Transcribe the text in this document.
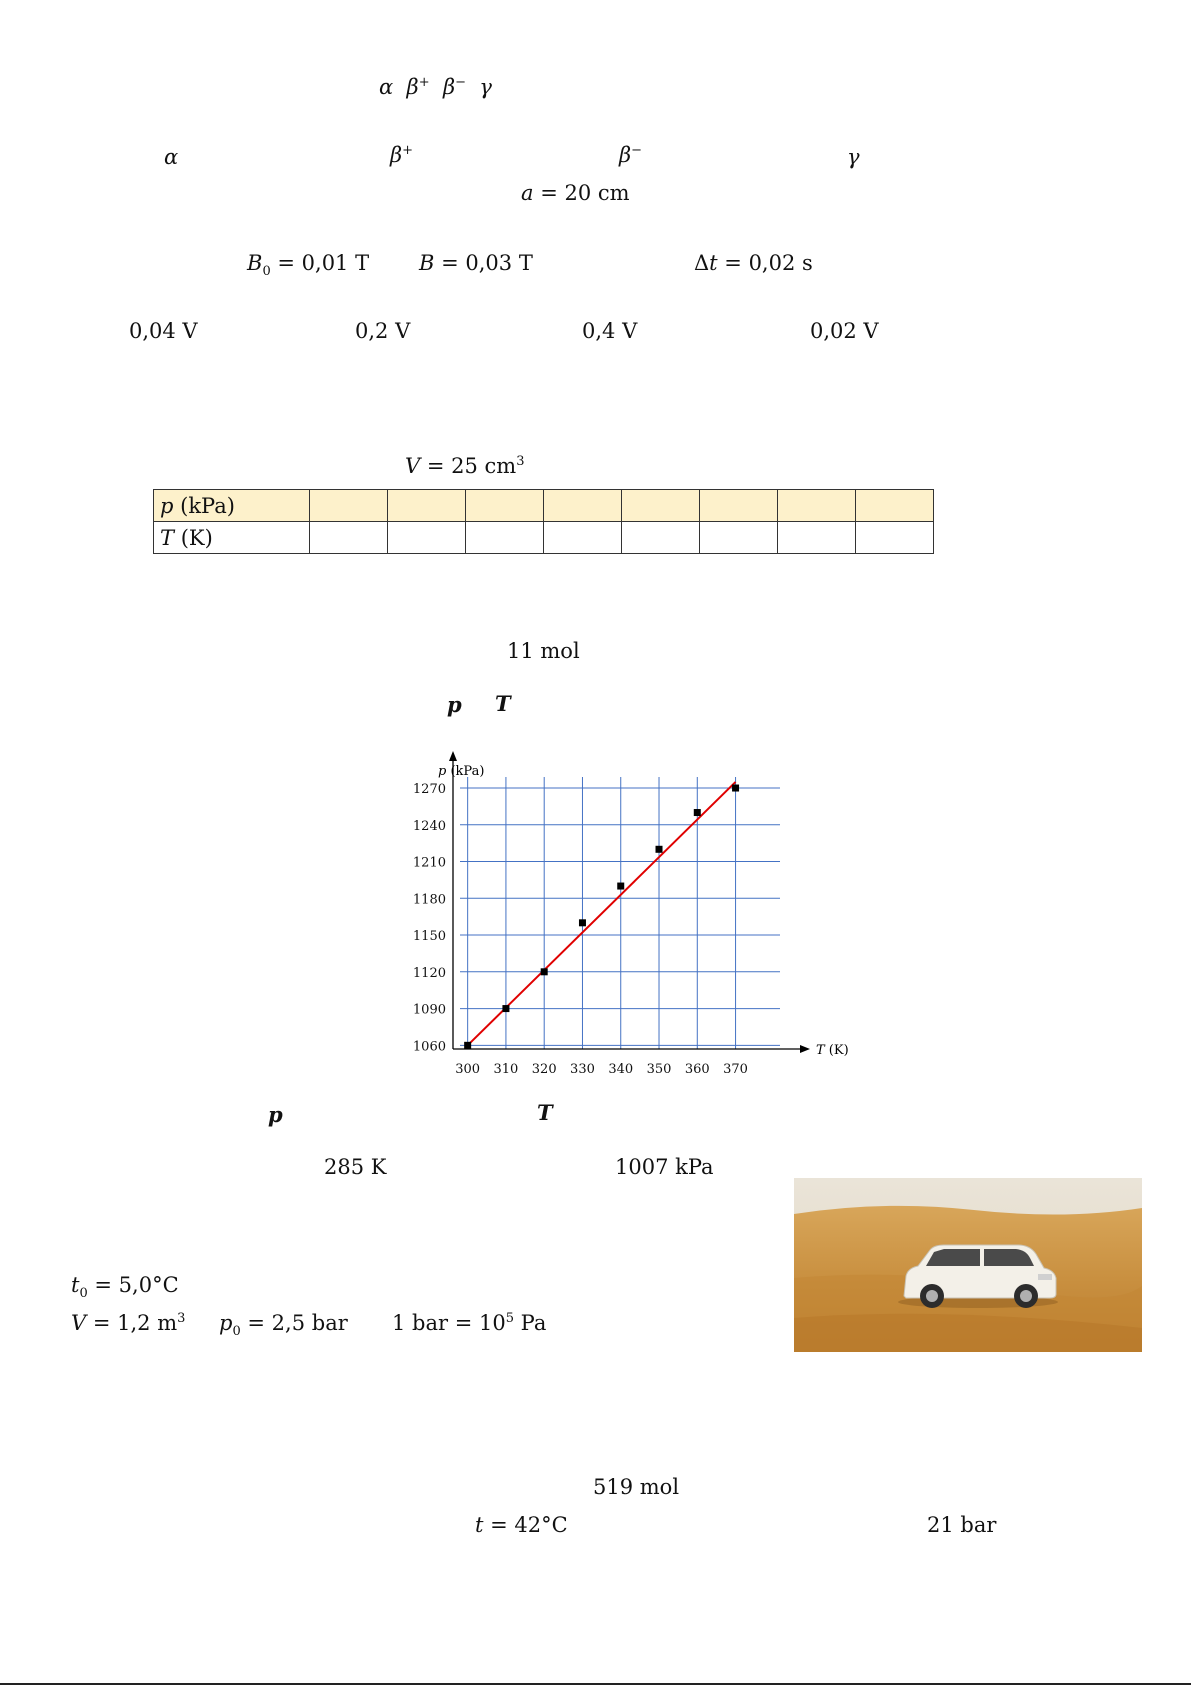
α β+ β− γ
α	β+	β−	γ
a = 20 cm
$B_0 = 0,01$ T B = 0,03 T	Δt = 0,02 s
0,04 V	0,2 V	0,4 V	0,02 V
V = 25 $cm^3$
p (kPa)								
T (K)								
11 mol
p T
300 310 320 330 340 350 360 370
1060
1090
1120
1150
1180
1210
1240
1270
p (kPa)
T (K)
p	T
285 K	1007 kPa
$t_0 = 5,0^\circ C$
V = 1,2 $m^3$ $p_0 = 2,5$ bar 1 bar = $10^5$ Pa
519 mol
t = 42°C	21 bar
